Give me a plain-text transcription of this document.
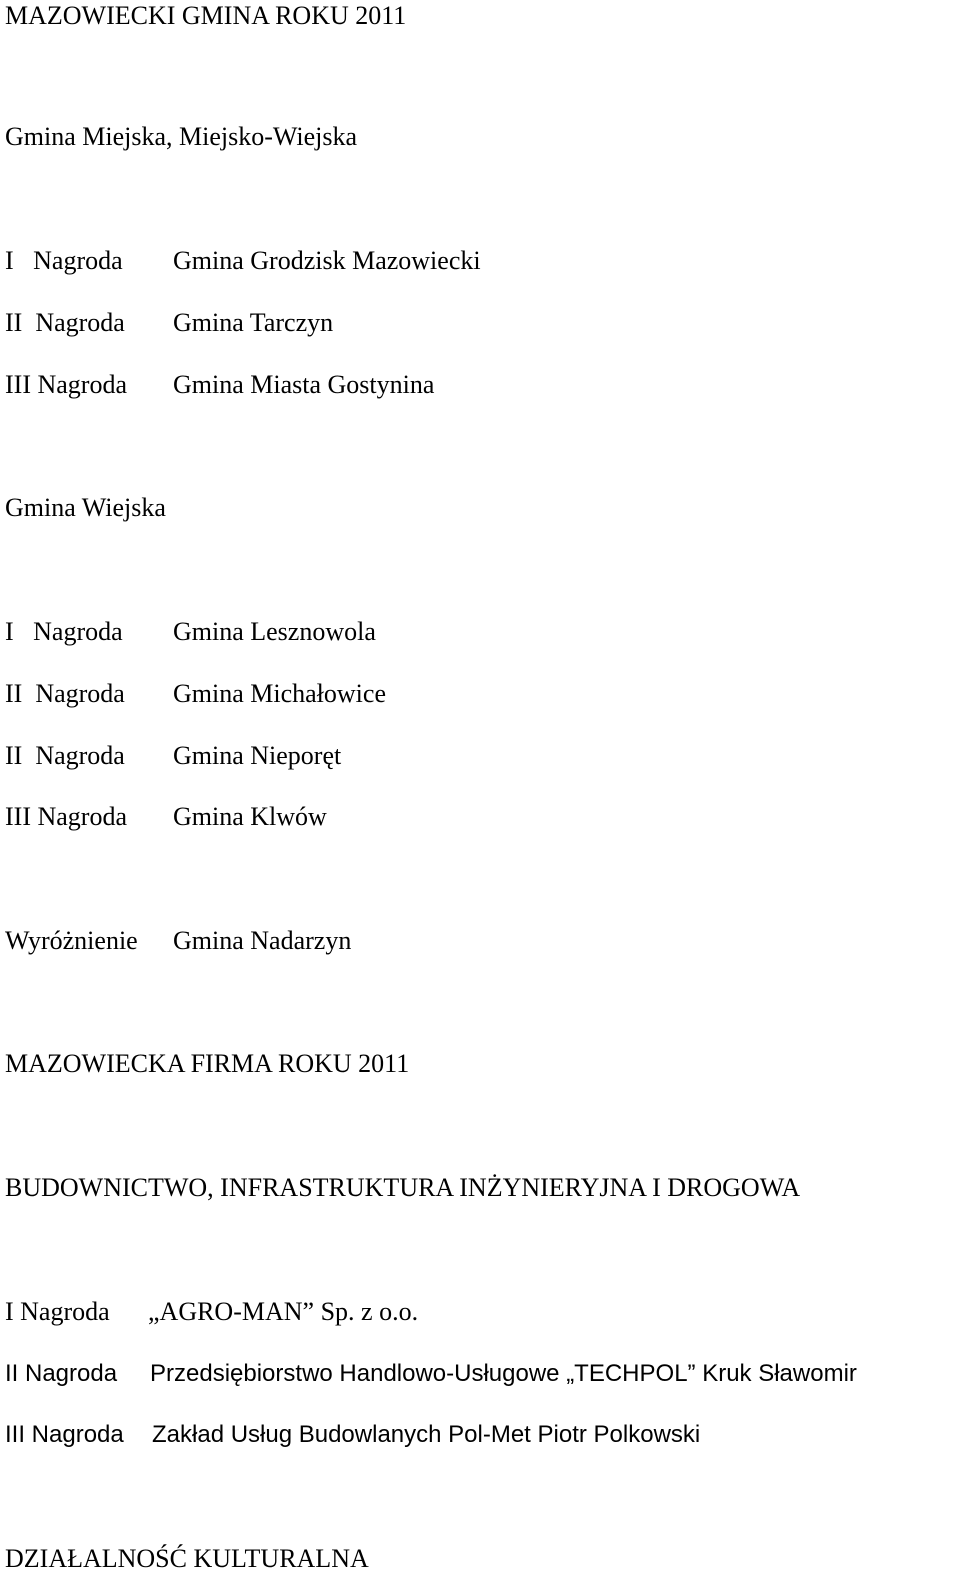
MAZOWIECKI GMINA ROKU 2011
Gmina Miejska, Miejsko-Wiejska
I   Nagroda Gmina Grodzisk Mazowiecki
II  Nagroda Gmina Tarczyn
III Nagroda Gmina Miasta Gostynina
Gmina Wiejska
I   Nagroda Gmina Lesznowola
II  Nagroda Gmina Michałowice
II  Nagroda Gmina Nieporęt
III Nagroda Gmina Klwów
Wyróżnienie Gmina Nadarzyn
MAZOWIECKA FIRMA ROKU 2011
BUDOWNICTWO, INFRASTRUKTURA INŻYNIERYJNA I DROGOWA
I Nagroda „AGRO-MAN” Sp. z o.o.
II Nagroda Przedsiębiorstwo Handlowo-Usługowe „TECHPOL” Kruk Sławomir
III Nagroda Zakład Usług Budowlanych Pol-Met Piotr Polkowski
DZIAŁALNOŚĆ KULTURALNA
